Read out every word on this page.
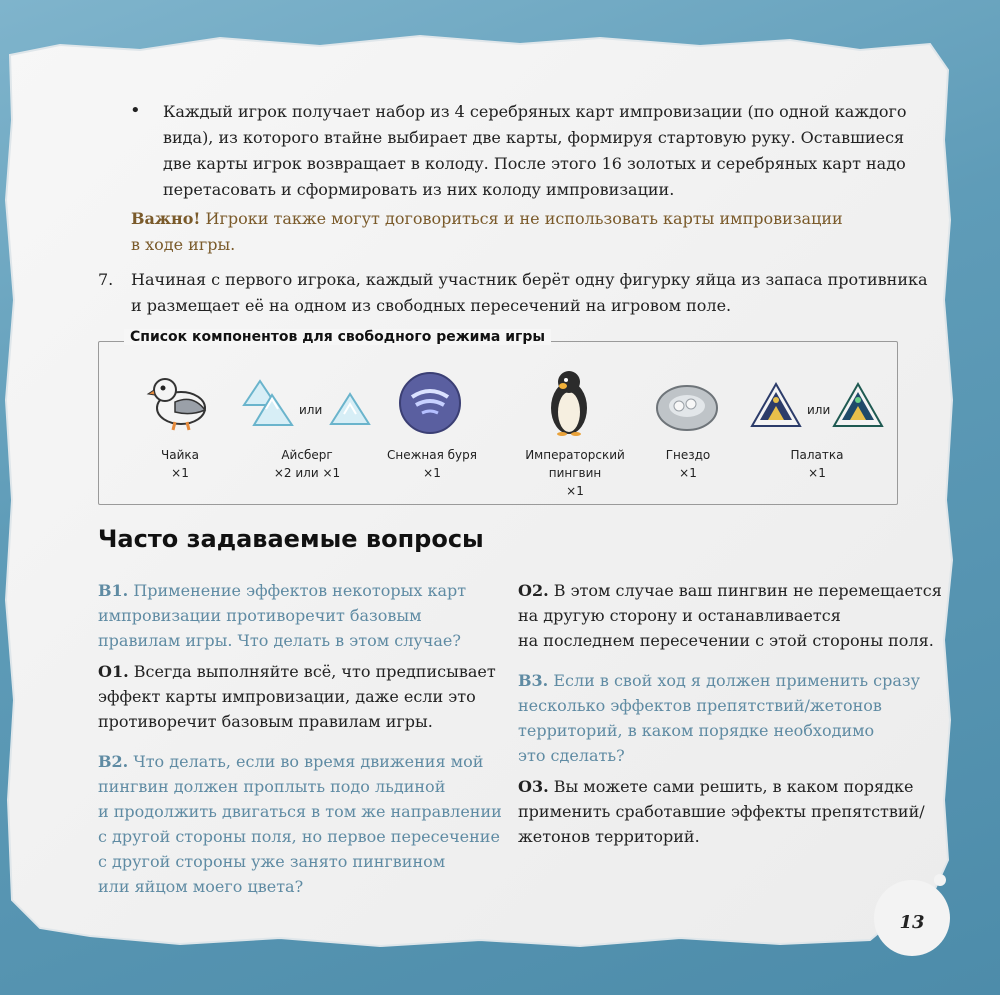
• Каждый игрок получает набор из 4 серебряных карт импровизации (по одной каждого
вида), из которого втайне выбирает две карты, формируя стартовую руку. Оставшиеся
две карты игрок возвращает в колоду. После этого 16 золотых и серебряных карт надо
перетасовать и сформировать из них колоду импровизации.
Важно! Игроки также могут договориться и не использовать карты импровизации
в ходе игры.
7. Начиная с первого игрока, каждый участник берёт одну фигурку яйца из запаса противника
и размещает её на одном из свободных пересечений на игровом поле.
Список компонентов для свободного режима игры
или	или
Чайка
×1
Айсберг
×2 или ×1
Снежная буря
×1
Императорский
пингвин
×1
Гнездо
×1
Палатка
×1
Часто задаваемые вопросы
В1. Применение эффектов некоторых карт
импровизации противоречит базовым
правилам игры. Что делать в этом случае?
О1. Всегда выполняйте всё, что предписывает
эффект карты импровизации, даже если это
противоречит базовым правилам игры.
В2. Что делать, если во время движения мой
пингвин должен проплыть подо льдиной
и продолжить двигаться в том же направлении
с другой стороны поля, но первое пересечение
с другой стороны уже занято пингвином
или яйцом моего цвета?
О2. В этом случае ваш пингвин не перемещается
на другую сторону и останавливается
на последнем пересечении с этой стороны поля.
В3. Если в свой ход я должен применить сразу
несколько эффектов препятствий/жетонов
территорий, в каком порядке необходимо
это сделать?
О3. Вы можете сами решить, в каком порядке
применить сработавшие эффекты препятствий/
жетонов территорий.
13
